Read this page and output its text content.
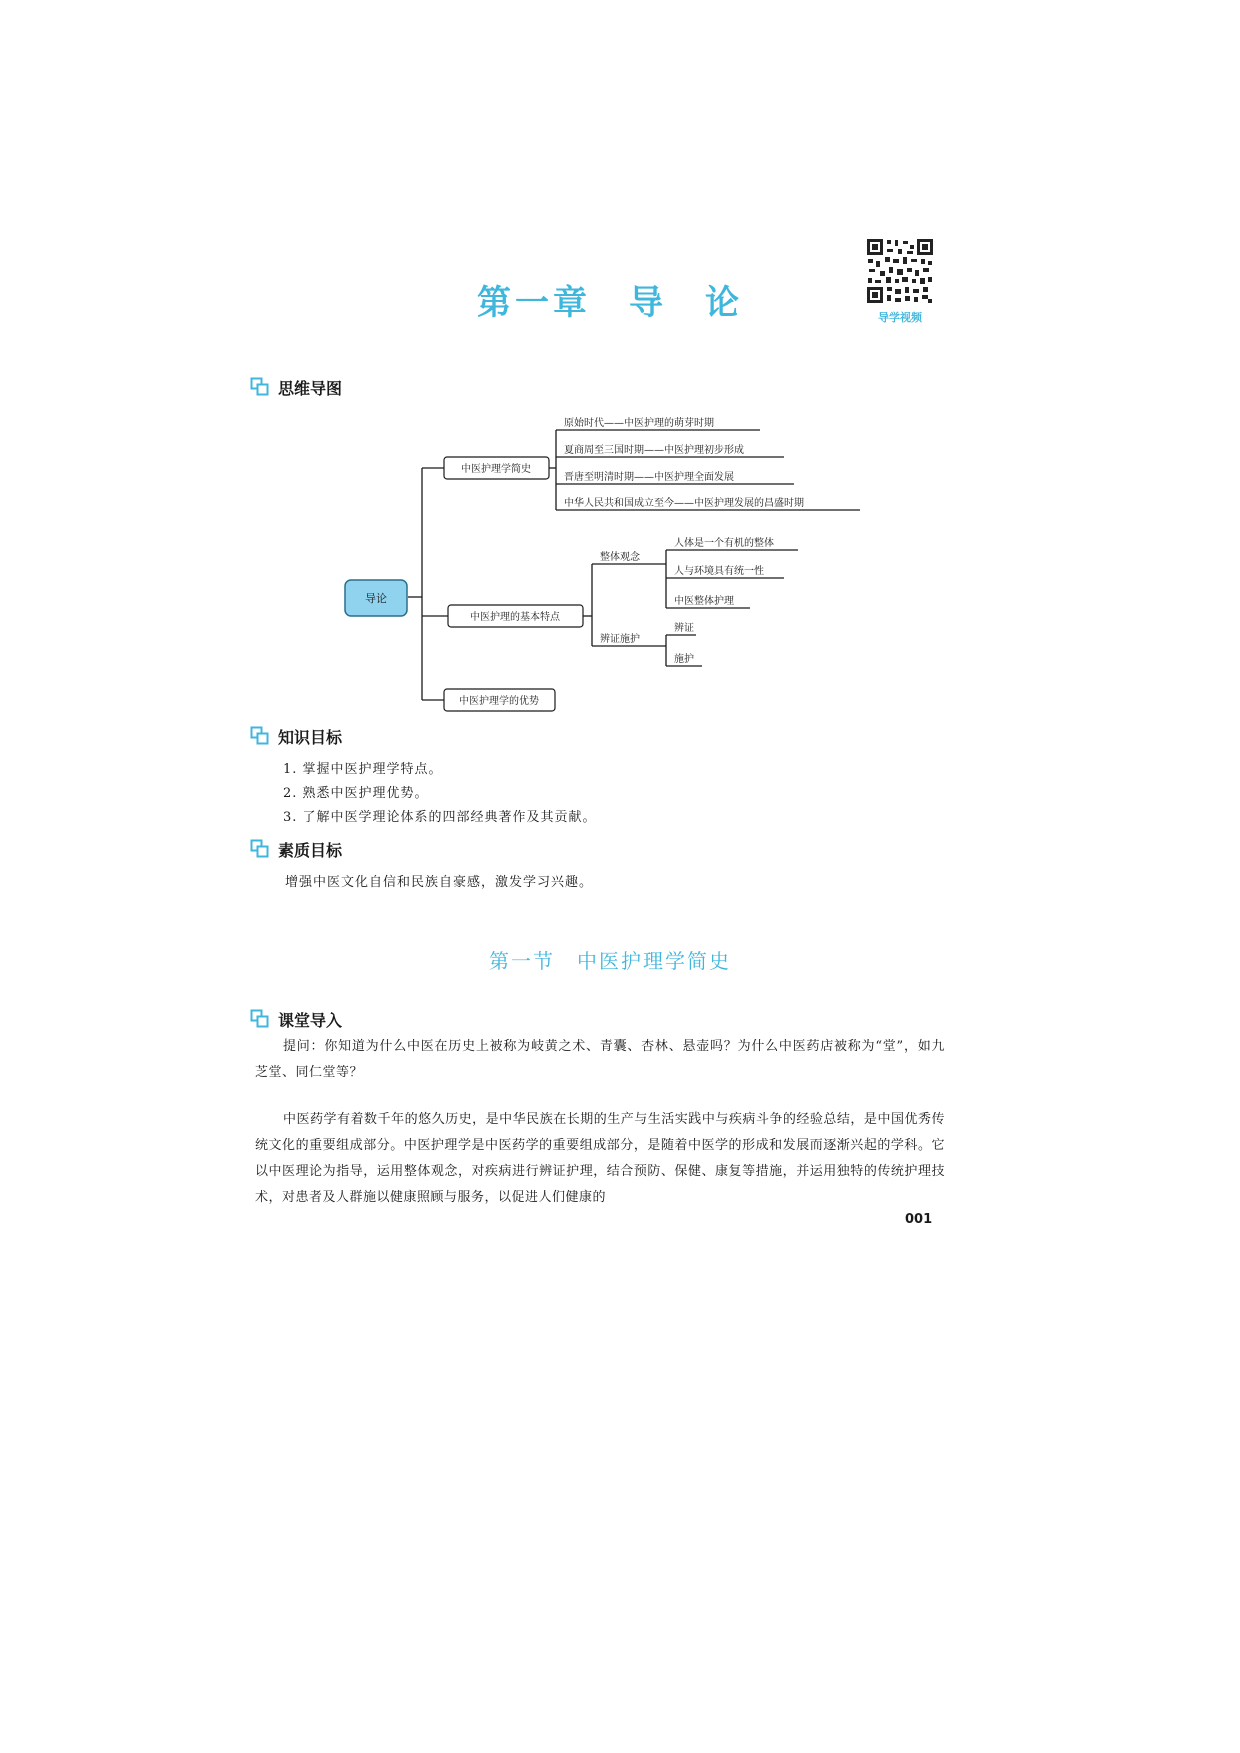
第一章　导　论	导学视频
思维导图
导论
中医护理学简史
原始时代——中医护理的萌芽时期
夏商周至三国时期——中医护理初步形成
晋唐至明清时期——中医护理全面发展
中华人民共和国成立至今——中医护理发展的昌盛时期
中医护理的基本特点
整体观念
辨证施护
人体是一个有机的整体
人与环境具有统一性
中医整体护理
辨证
施护
中医护理学的优势
知识目标
1. 掌握中医护理学特点。
2. 熟悉中医护理优势。
3. 了解中医学理论体系的四部经典著作及其贡献。
素质目标
增强中医文化自信和民族自豪感，激发学习兴趣。
第一节　中医护理学简史
课堂导入
提问：你知道为什么中医在历史上被称为岐黄之术、青囊、杏林、悬壶吗？为什么中医药店被称为“堂”，如九芝堂、同仁堂等？
中医药学有着数千年的悠久历史，是中华民族在长期的生产与生活实践中与疾病斗争的经验总结，是中国优秀传统文化的重要组成部分。中医护理学是中医药学的重要组成部分，是随着中医学的形成和发展而逐渐兴起的学科。它以中医理论为指导，运用整体观念，对疾病进行辨证护理，结合预防、保健、康复等措施，并运用独特的传统护理技术，对患者及人群施以健康照顾与服务，以促进人们健康的
001
